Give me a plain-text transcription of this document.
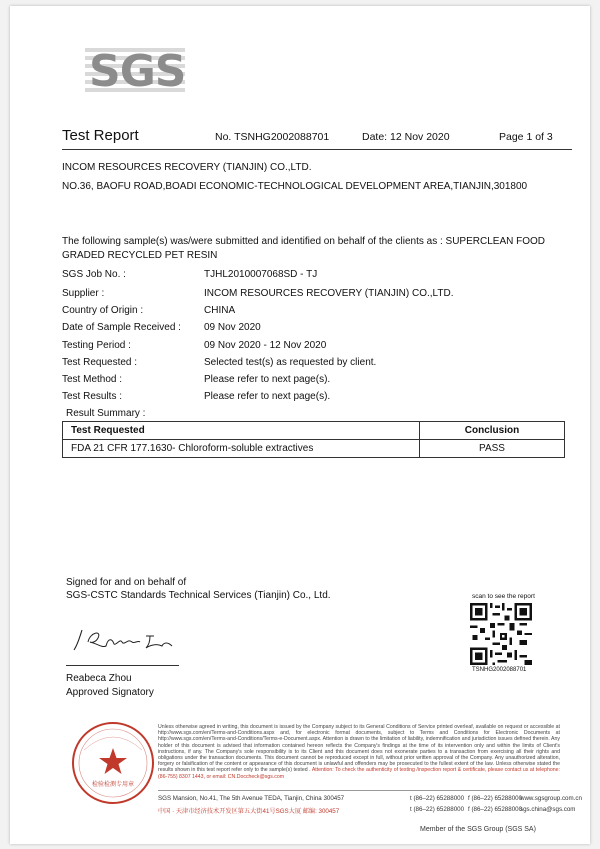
SGS
Test Report	No. TSNHG2002088701	Date: 12 Nov 2020	Page 1 of 3
INCOM RESOURCES RECOVERY (TIANJIN) CO.,LTD.
NO.36, BAOFU ROAD,BOADI ECONOMIC-TECHNOLOGICAL DEVELOPMENT AREA,TIANJIN,301800
The following sample(s) was/were submitted and identified on behalf of the clients as : SUPERCLEAN FOOD
GRADED RECYCLED PET RESIN
SGS Job No. :	TJHL2010007068SD - TJ
Supplier :	INCOM RESOURCES RECOVERY (TIANJIN) CO.,LTD.
Country of Origin :	CHINA
Date of Sample Received : 09 Nov 2020
Testing Period :	09 Nov 2020 - 12 Nov 2020
Test Requested :	Selected test(s) as requested by client.
Test Method :	Please refer to next page(s).
Test Results :	Please refer to next page(s).
Result Summary :
Test Requested	Conclusion
FDA 21 CFR 177.1630- Chloroform-soluble extractives	PASS
Signed for and on behalf of
SGS-CSTC Standards Technical Services (Tianjin) Co., Ltd.
Reabeca Zhou
Approved Signatory
scan to see the report
TSNHG2002088701
检验检测专用章
Unless otherwise agreed in writing, this document is issued by the Company subject to its General Conditions of Service printed overleaf, available on request or accessible at http://www.sgs.com/en/Terms-and-Conditions.aspx and, for electronic format documents, subject to Terms and Conditions for Electronic Documents at http://www.sgs.com/en/Terms-and-Conditions/Terms-e-Document.aspx. Attention is drawn to the limitation of liability, indemnification and jurisdiction issues defined therein. Any holder of this document is advised that information contained hereon reflects the Company's findings at the time of its intervention only and within the limits of Client's instructions, if any. The Company's sole responsibility is to its Client and this document does not exonerate parties to a transaction from exercising all their rights and obligations under the transaction documents. This document cannot be reproduced except in full, without prior written approval of the Company. Any unauthorized alteration, forgery or falsification of the content or appearance of this document is unlawful and offenders may be prosecuted to the fullest extent of the law. Unless otherwise stated the results shown in this test report refer only to the sample(s) tested . Attention: To check the authenticity of testing /inspection report & certificate, please contact us at telephone: (86-755) 8307 1443, or email: CN.Doccheck@sgs.com
SGS Mansion, No.41, The 5th Avenue TEDA, Tianjin, China 300457	t (86–22) 65288000 f (86–22) 65288000
www.sgsgroup.com.cn
中国 · 天津市经济技术开发区第五大街41号SGS大厦 邮编: 300457	t (86–22) 65288000 f (86–22) 65288000
sgs.china@sgs.com
Member of the SGS Group (SGS SA)
